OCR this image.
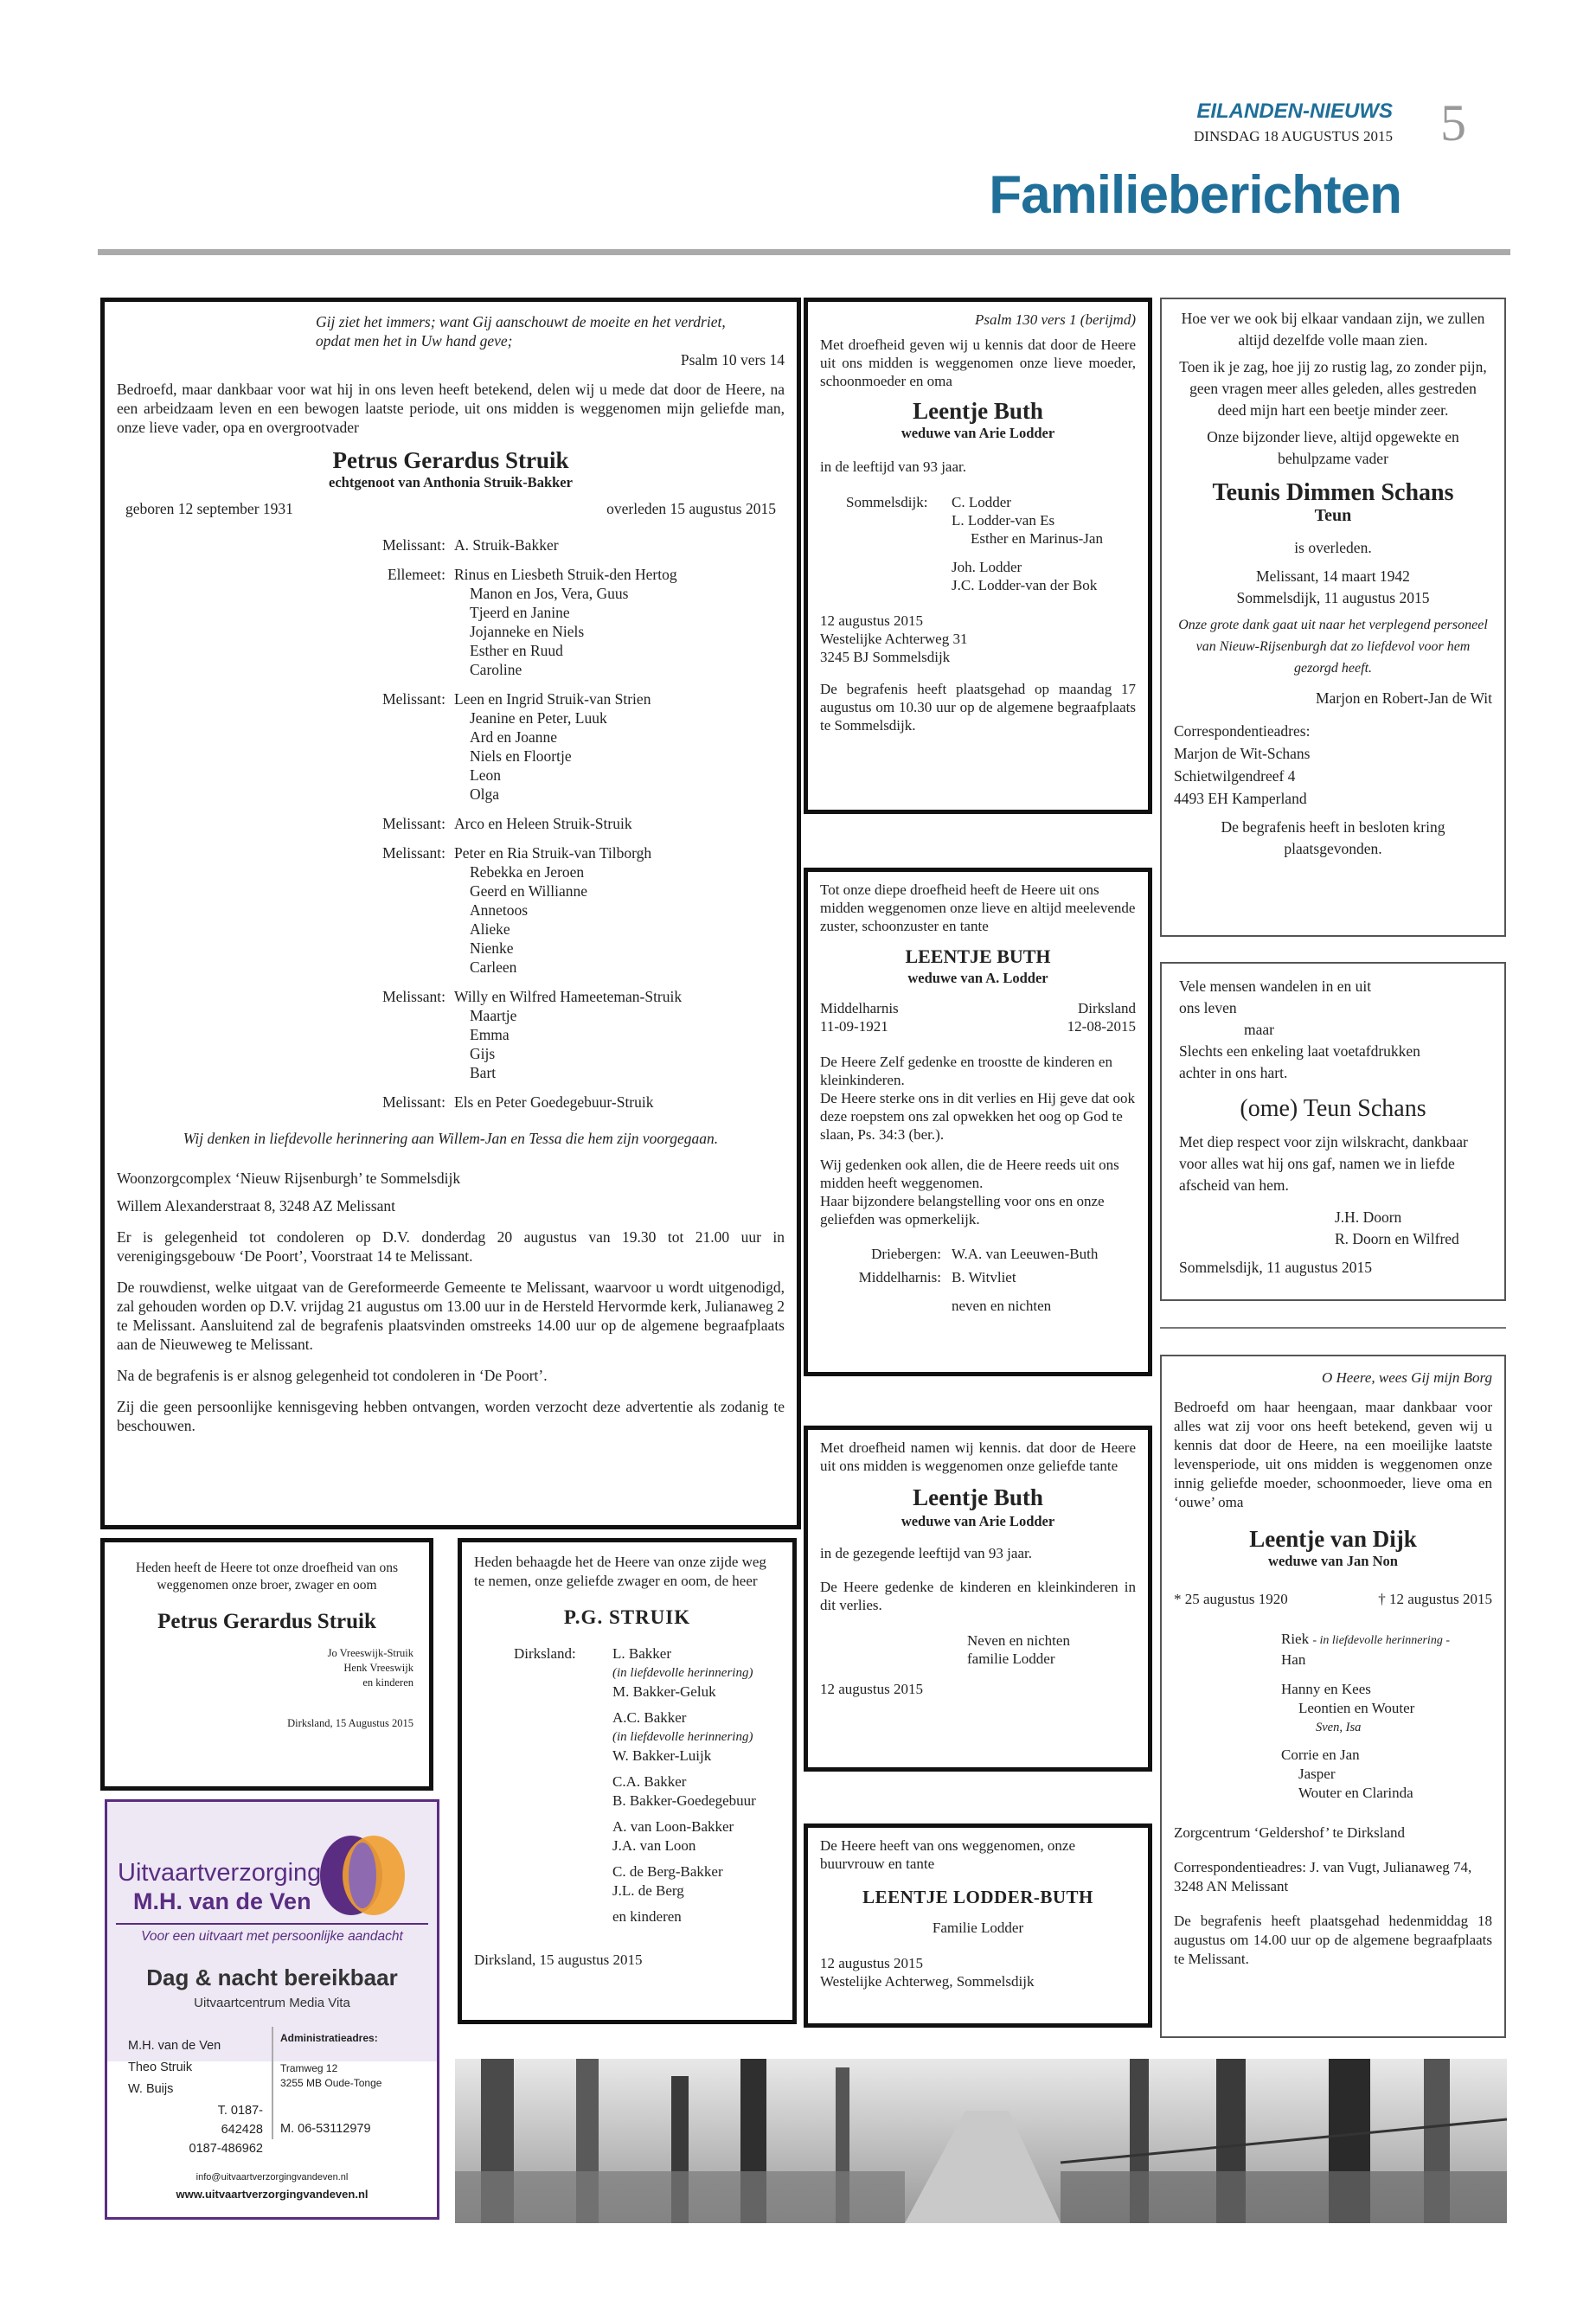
EILANDEN-NIEUWS
DINSDAG 18 AUGUSTUS 2015 5
Familieberichten
Gij ziet het immers; want Gij aanschouwt de moeite en het verdriet,
opdat men het in Uw hand geve;
Psalm 10 vers 14

Bedroefd, maar dankbaar voor wat hij in ons leven heeft betekend, delen wij u mede dat door de Heere, na een arbeidzaam leven en een bewogen laatste periode, uit ons midden is weggenomen mijn geliefde man, onze lieve vader, opa en overgrootvader

Petrus Gerardus Struik
echtgenoot van Anthonia Struik-Bakker
geboren 12 september 1931	overleden 15 augustus 2015
Melissant: A. Struik-Bakker
Ellemeet: Rinus en Liesbeth Struik-den Hertog
Manon en Jos, Vera, Guus
Tjeerd en Janine
Jojanneke en Niels
Esther en Ruud
Caroline
Melissant: Leen en Ingrid Struik-van Strien
Jeanine en Peter, Luuk
Ard en Joanne
Niels en Floortje
Leon
Olga
Melissant: Arco en Heleen Struik-Struik
Melissant: Peter en Ria Struik-van Tilborgh
Rebekka en Jeroen
Geerd en Willianne
Annetoos
Alieke
Nienke
Carleen
Melissant: Willy en Wilfred Hameeteman-Struik
Maartje
Emma
Gijs
Bart
Melissant: Els en Peter Goedegebuur-Struik

Wij denken in liefdevolle herinnering aan Willem-Jan en Tessa die hem zijn voorgegaan.

Woonzorgcomplex ‘Nieuw Rijsenburgh’ te Sommelsdijk

Willem Alexanderstraat 8, 3248 AZ Melissant

Er is gelegenheid tot condoleren op D.V. donderdag 20 augustus van 19.30 tot 21.00 uur in verenigingsgebouw ‘De Poort’, Voorstraat 14 te Melissant.

De rouwdienst, welke uitgaat van de Gereformeerde Gemeente te Melissant, waarvoor u wordt uitgenodigd, zal gehouden worden op D.V. vrijdag 21 augustus om 13.00 uur in de Hersteld Hervormde kerk, Julianaweg 2 te Melissant. Aansluitend zal de begrafenis plaatsvinden omstreeks 14.00 uur op de algemene begraafplaats aan de Nieuweweg te Melissant.

Na de begrafenis is er alsnog gelegenheid tot condoleren in ‘De Poort’.

Zij die geen persoonlijke kennisgeving hebben ontvangen, worden verzocht deze advertentie als zodanig te beschouwen.

Heden heeft de Heere tot onze droefheid van ons weggenomen onze broer, zwager en oom

Petrus Gerardus Struik
Jo Vreeswijk-Struik
Henk Vreeswijk
en kinderen
Dirksland, 15 Augustus 2015
Uitvaartverzorging
M.H. van de Ven
Voor een uitvaart met persoonlijke aandacht
Dag & nacht bereikbaar
Uitvaartcentrum Media Vita
M.H. van de Ven
Theo Struik
W. Buijs
T. 0187-642428
0187-486962
Administratieadres:
Tramweg 12
3255 MB Oude-Tonge
M. 06-53112979
info@uitvaartverzorgingvandeven.nl
www.uitvaartverzorgingvandeven.nl

Heden behaagde het de Heere van onze zijde weg te nemen, onze geliefde zwager en oom, de heer

P.G. STRUIK
Dirksland:	L. Bakker
(in liefdevolle herinnering)
M. Bakker-Geluk
A.C. Bakker
(in liefdevolle herinnering)
W. Bakker-Luijk
C.A. Bakker
B. Bakker-Goedegebuur
A. van Loon-Bakker
J.A. van Loon
C. de Berg-Bakker
J.L. de Berg
en kinderen
Dirksland, 15 augustus 2015
Psalm 130 vers 1 (berijmd)

Met droefheid geven wij u kennis dat door de Heere uit ons midden is weggenomen onze lieve moeder, schoonmoeder en oma

Leentje Buth
weduwe van Arie Lodder

in de leeftijd van 93 jaar.

Sommelsdijk:	C. Lodder
L. Lodder-van Es
Esther en Marinus-Jan
Joh. Lodder
J.C. Lodder-van der Bok
12 augustus 2015
Westelijke Achterweg 31
3245 BJ Sommelsdijk

De begrafenis heeft plaatsgehad op maandag 17 augustus om 10.30 uur op de algemene begraafplaats te Sommelsdijk.

Tot onze diepe droefheid heeft de Heere uit ons midden weggenomen onze lieve en altijd meelevende zuster, schoonzuster en tante

LEENTJE BUTH
weduwe van A. Lodder
Middelharnis	Dirksland
11-09-1921	12-08-2015

De Heere Zelf gedenke en troostte de kinderen en kleinkinderen.

De Heere sterke ons in dit verlies en Hij geve dat ook deze roepstem ons zal opwekken het oog op God te slaan, Ps. 34:3 (ber.).

Wij gedenken ook allen, die de Heere reeds uit ons midden heeft weggenomen.

Haar bijzondere belangstelling voor ons en onze geliefden was opmerkelijk.

Driebergen: W.A. van Leeuwen-Buth
Middelharnis: B. Witvliet
neven en nichten

Met droefheid namen wij kennis. dat door de Heere uit ons midden is weggenomen onze geliefde tante

Leentje Buth
weduwe van Arie Lodder

in de gezegende leeftijd van 93 jaar.

De Heere gedenke de kinderen en kleinkinderen in dit verlies.

Neven en nichten
familie Lodder
12 augustus 2015

De Heere heeft van ons weggenomen, onze buurvrouw en tante

LEENTJE LODDER-BUTH
Familie Lodder
12 augustus 2015
Westelijke Achterweg, Sommelsdijk

Hoe ver we ook bij elkaar vandaan zijn, we zullen altijd dezelfde volle maan zien.

Toen ik je zag, hoe jij zo rustig lag, zo zonder pijn, geen vragen meer alles geleden, alles gestreden deed mijn hart een beetje minder zeer.

Onze bijzonder lieve, altijd opgewekte en behulpzame vader

Teunis Dimmen Schans
Teun
is overleden.
Melissant, 14 maart 1942
Sommelsdijk, 11 augustus 2015

Onze grote dank gaat uit naar het verplegend personeel van Nieuw-Rijsenburgh dat zo liefdevol voor hem gezorgd heeft.

Marjon en Robert-Jan de Wit
Correspondentieadres:
Marjon de Wit-Schans
Schietwilgendreef 4
4493 EH Kamperland

De begrafenis heeft in besloten kring plaatsgevonden.

Vele mensen wandelen in en uit
ons leven
maar
Slechts een enkeling laat voetafdrukken
achter in ons hart.
(ome) Teun Schans

Met diep respect voor zijn wilskracht, dankbaar voor alles wat hij ons gaf, namen we in liefde afscheid van hem.

J.H. Doorn
R. Doorn en Wilfred
Sommelsdijk, 11 augustus 2015
O Heere, wees Gij mijn Borg

Bedroefd om haar heengaan, maar dankbaar voor alles wat zij voor ons heeft betekend, geven wij u kennis dat door de Heere, na een moeilijke laatste levensperiode, uit ons midden is weggenomen onze innig geliefde moeder, schoonmoeder, lieve oma en ‘ouwe’ oma

Leentje van Dijk
weduwe van Jan Non
* 25 augustus 1920	† 12 augustus 2015
Riek - in liefdevolle herinnering -
Han
Hanny en Kees
Leontien en Wouter
Sven, Isa
Corrie en Jan
Jasper
Wouter en Clarinda

Zorgcentrum ‘Geldershof’ te Dirksland

Correspondentieadres: J. van Vugt, Julianaweg 74, 3248 AN Melissant

De begrafenis heeft plaatsgehad hedenmiddag 18 augustus om 14.00 uur op de algemene begraafplaats te Melissant.
